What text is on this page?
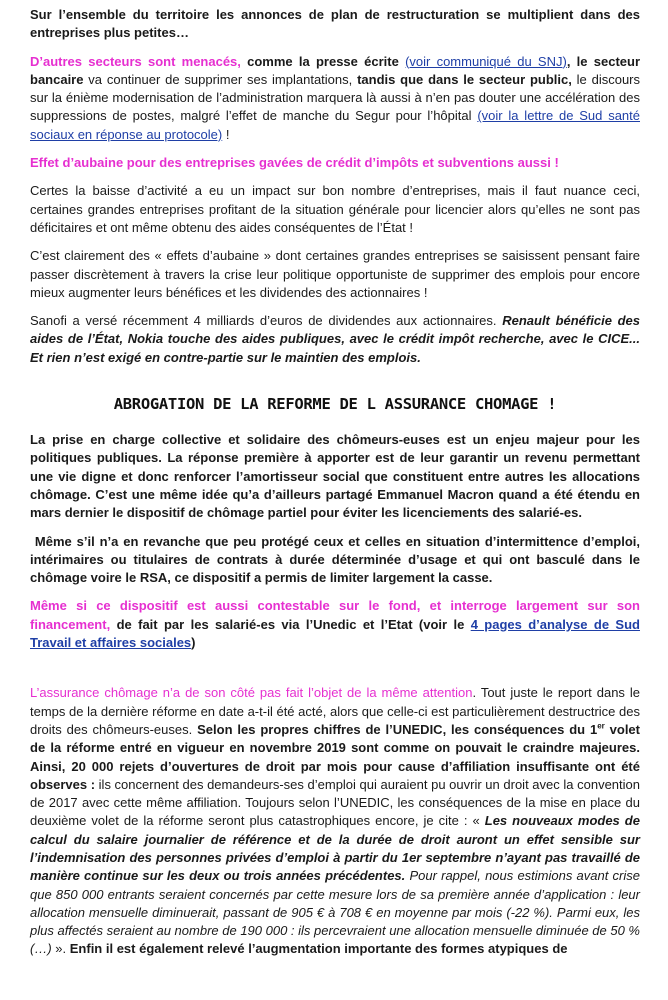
Sur l’ensemble du territoire les annonces de plan de restructuration se multiplient dans des entreprises plus petites…

D’autres secteurs sont menacés, comme la presse écrite (voir communiqué du SNJ), le secteur bancaire va continuer de supprimer ses implantations, tandis que dans le secteur public, le discours sur la énième modernisation de l’administration marquera là aussi à n’en pas douter une accélération des suppressions de postes, malgré l’effet de manche du Segur pour l’hôpital (voir la lettre de Sud santé sociaux en réponse au protocole) !

Effet d’aubaine pour des entreprises gavées de crédit d’impôts et subventions aussi !

Certes la baisse d’activité a eu un impact sur bon nombre d’entreprises, mais il faut nuance ceci, certaines grandes entreprises profitant de la situation générale pour licencier alors qu’elles ne sont pas déficitaires et ont même obtenu des aides conséquentes de l’État !

C’est clairement des « effets d’aubaine » dont certaines grandes entreprises se saisissent pensant faire passer discrètement à travers la crise leur politique opportuniste de supprimer des emplois pour encore mieux augmenter leurs bénéfices et les dividendes des actionnaires !

Sanofi a versé récemment 4 milliards d’euros de dividendes aux actionnaires. Renault bénéficie des aides de l’État, Nokia touche des aides publiques, avec le crédit impôt recherche, avec le CICE... Et rien n’est exigé en contre-partie sur le maintien des emplois.

ABROGATION DE LA REFORME DE L ASSURANCE CHOMAGE !

La prise en charge collective et solidaire des chômeurs-euses est un enjeu majeur pour les politiques publiques. La réponse première à apporter est de leur garantir un revenu permettant une vie digne et donc renforcer l’amortisseur social que constituent entre autres les allocations chômage. C’est une même idée qu’a d’ailleurs partagé Emmanuel Macron quand a été étendu en mars dernier le dispositif de chômage partiel pour éviter les licenciements des salarié-es.

Même s’il n’a en revanche que peu protégé ceux et celles en situation d’intermittence d’emploi, intérimaires ou titulaires de contrats à durée déterminée d’usage et qui ont basculé dans le chômage voire le RSA, ce dispositif a permis de limiter largement la casse.

Même si ce dispositif est aussi contestable sur le fond, et interroge largement sur son financement, de fait par les salarié-es via l’Unedic et l’Etat (voir le 4 pages d’analyse de Sud Travail et affaires sociales)

L’assurance chômage n’a de son côté pas fait l’objet de la même attention. Tout juste le report dans le temps de la dernière réforme en date a-t-il été acté, alors que celle-ci est particulièrement destructrice des droits des chômeurs-euses. Selon les propres chiffres de l’UNEDIC, les conséquences du 1er volet de la réforme entré en vigueur en novembre 2019 sont comme on pouvait le craindre majeures. Ainsi, 20 000 rejets d’ouvertures de droit par mois pour cause d’affiliation insuffisante ont été observes : ils concernent des demandeurs-ses d’emploi qui auraient pu ouvrir un droit avec la convention de 2017 avec cette même affiliation. Toujours selon l’UNEDIC, les conséquences de la mise en place du deuxième volet de la réforme seront plus catastrophiques encore, je cite : « Les nouveaux modes de calcul du salaire journalier de référence et de la durée de droit auront un effet sensible sur l’indemnisation des personnes privées d’emploi à partir du 1er septembre n’ayant pas travaillé de manière continue sur les deux ou trois années précédentes. Pour rappel, nous estimions avant crise que 850 000 entrants seraient concernés par cette mesure lors de sa première année d’application : leur allocation mensuelle diminuerait, passant de 905 € à 708 € en moyenne par mois (-22 %). Parmi eux, les plus affectés seraient au nombre de 190 000 : ils percevraient une allocation mensuelle diminuée de 50 % (…) ». Enfin il est également relevé l’augmentation importante des formes atypiques de
